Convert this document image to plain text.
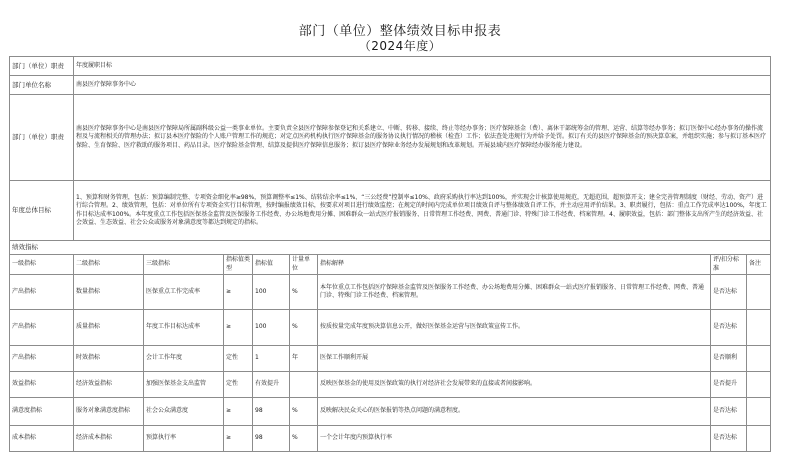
部门（单位）整体绩效目标申报表
（2024年度）
部门（单位）职责	年度履职目标							
部门单位名称	南县医疗保障事务中心							
部门（单位）职责	南县医疗保障事务中心是南县医疗保障局所属副科级公益一类事业单位。主要负责全县医疗保障参保登记和关系建立、中断、转移、接续、终止等经办事务；医疗保障基金（费）、离休干部统筹金的管理、运营、结算等经办事务；拟订医保中心经办事务的操作流程及与流程相关的管理办法；拟订县本医疗保险的个人账户管理工作的规范；对定点医药机构执行医疗保障基金的服务协议执行情况的稽核（检查）工作；依法查处违规行为并给予处罚。拟订有关的县医疗保障基金的预决算草案，并组织实施；参与拟订基本医疗保险、生育保险、医疗救助的服务项目、药品目录。医疗保险基金管理、结算及提供医疗保障信息服务；拟订县医疗保障业务经办发展规划和改革规划。开展县域内医疗保障经办服务能力建设。							
年度总体目标	1、预算和财务管理，包括：预算编制完整、专项资金细化率≥98%，预算调整率≤1%、结转结余率≤1%、“三公经费”控制率≤10%、政府采购执行率达到100%，并实现会计核算使用规范，无超范围，超预算开支；建全完善管理制度（财经、劳动、资产）进行综合管理。2、绩效管理，包括：对单位所有专项资金实行目标管理，按时编报绩效目标，按要求对项目进行绩效监控；在规定的时间内完成单位项目绩效自评与整体绩效自评工作，并主动应用评价结果。3、职责履行，包括：重点工作完成率达100%，年度工作目标达成率100%。本年度重点工作包括医保基金监管及医保服务工作经费、办公场地费用分摊、困难群众一站式医疗报销服务、日常管理工作经费、网费、普通门诊、特殊门诊工作经费、档案管理。4、履职效益，包括：部门整体支出所产生的经济效益、社会效益、生态效益、社会公众或服务对象满意度等都达到规定的指标。							
绩效指标								
一级指标	二级指标	三级指标	指标值类型	指标值	计量单位	指标解释	评/扣分标准	备注
产出指标	数量指标	医保重点工作完成率	≥	100	%	本年位重点工作包括医疗保障基金监管及医保服务工作经费、办公场地费用分摊、困难群众一站式医疗报销服务、日常管理工作经费、网费、普通门诊、特殊门诊工作经费、档案管理。	是否达标	
产出指标	质量指标	年度工作目标达成率	≥	100	%	按质按量完成年度预决算信息公开，做好医保基金运营与医保政策宣传工作。	是否达标	
产出指标	时效指标	会计工作年度	定性	1	年	医保工作顺利开展	是否顺利	
效益指标	经济效益指标	加强医保基金支出监管	定性	有效提升		反映医保基金的使用及医保政策的执行对经济社会发展带来的直接或者间接影响。	是否提升	
满意度指标	服务对象满意度指标	社会公众满意度	≥	98	%	反映解决民众关心的医保报销等热点问题的满意程度。	是否达标	
成本指标	经济成本指标	预算执行率	≥	98	%	一个会计年度内预算执行率	是否达标	
